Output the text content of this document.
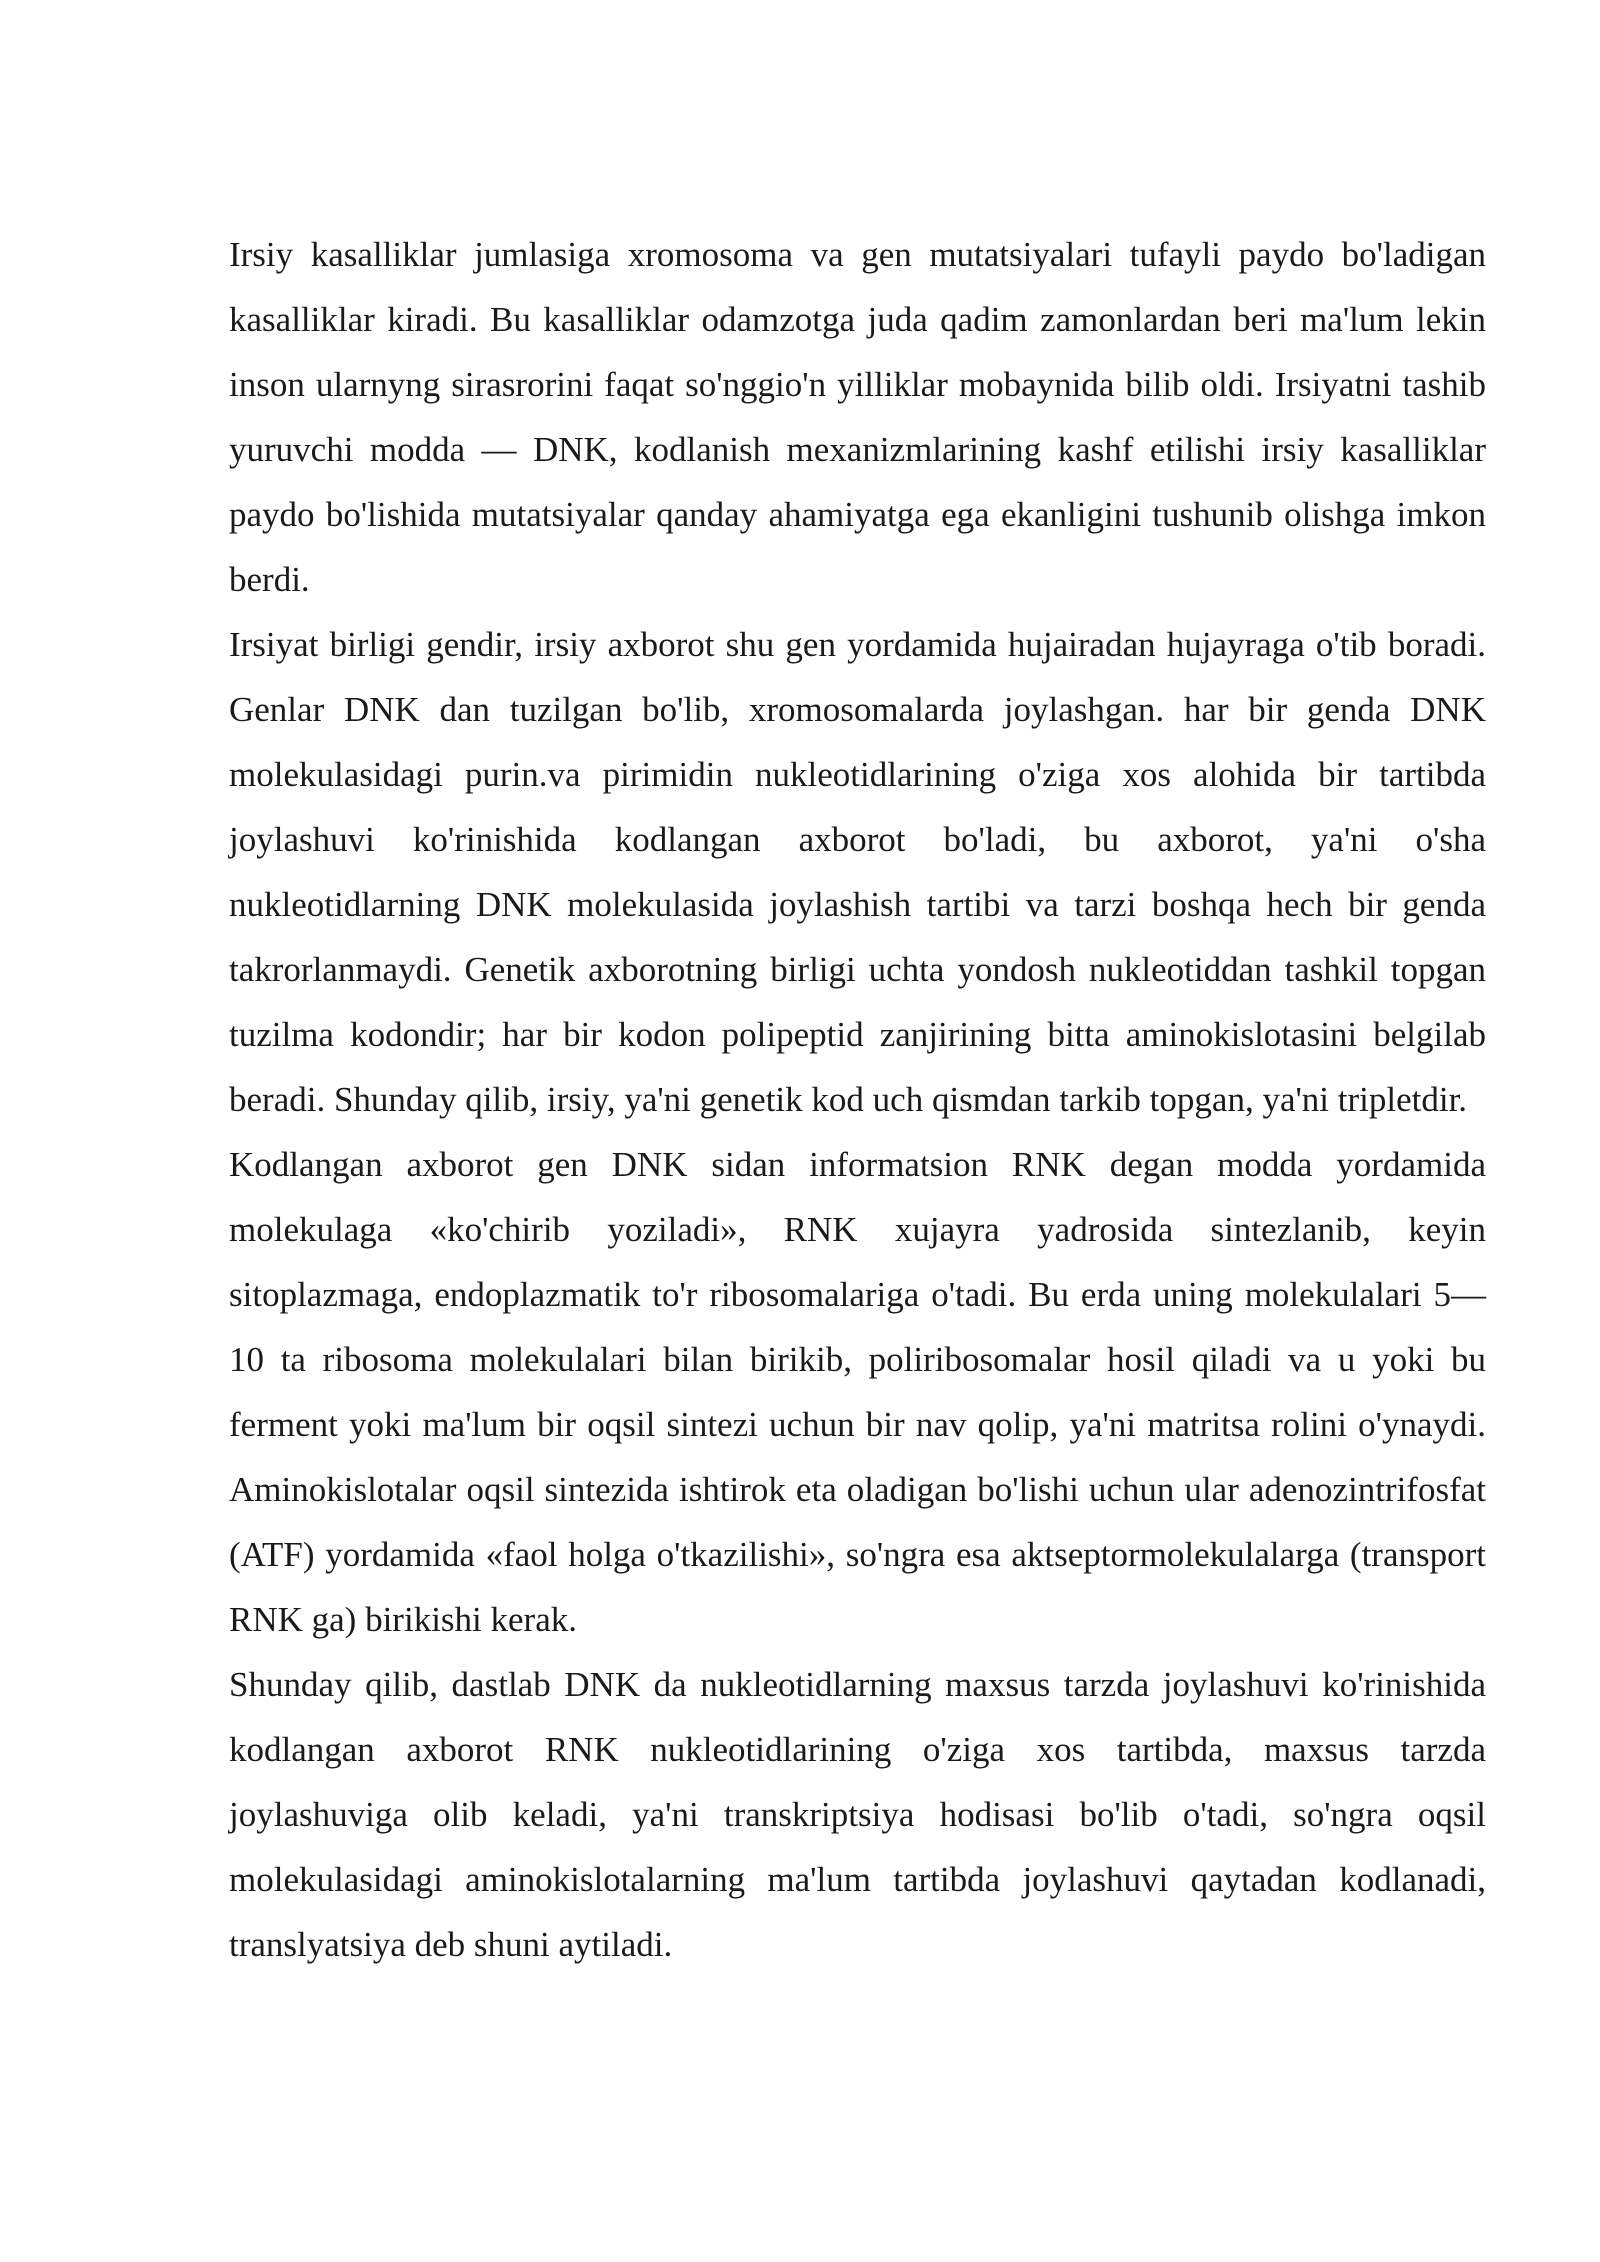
Irsiy kasalliklar jumlasiga xromosoma va gen mutatsiyalari tufayli paydo bo'ladigan kasalliklar kiradi. Bu kasalliklar odamzotga juda qadim zamonlardan beri ma'lum lekin inson ularnyng sirasrorini faqat so'nggio'n yilliklar mobaynida bilib oldi. Irsiyatni tashib yuruvchi modda — DNK, kodlanish mexanizmlarining kashf etilishi irsiy kasalliklar paydo bo'lishida mutatsiyalar qanday ahamiyatga ega ekanligini tushunib olishga imkon berdi.

Irsiyat birligi gendir, irsiy axborot shu gen yordamida hujairadan hujayraga o'tib boradi. Genlar DNK dan tuzilgan bo'lib, xromosomalarda joylashgan. har bir genda DNK molekulasidagi purin.va pirimidin nukleotidlarining o'ziga xos alohida bir tartibda joylashuvi ko'rinishida kodlangan axborot bo'ladi, bu axborot, ya'ni o'sha nukleotidlarning DNK molekulasida joylashish tartibi va tarzi boshqa hech bir genda takrorlanmaydi. Genetik axborotning birligi uchta yondosh nukleotiddan tashkil topgan tuzilma kodondir; har bir kodon polipeptid zanjirining bitta aminokislotasini belgilab beradi. Shunday qilib, irsiy, ya'ni genetik kod uch qismdan tarkib topgan, ya'ni tripletdir.

Kodlangan axborot gen DNK sidan informatsion RNK degan modda yordamida molekulaga «ko'chirib yoziladi», RNK xujayra yadrosida sintezlanib, keyin sitoplazmaga, endoplazmatik to'r ribosomalariga o'tadi. Bu erda uning molekulalari 5—10 ta ribosoma molekulalari bilan birikib, poliribosomalar hosil qiladi va u yoki bu ferment yoki ma'lum bir oqsil sintezi uchun bir nav qolip, ya'ni matritsa rolini o'ynaydi. Aminokislotalar oqsil sintezida ishtirok eta oladigan bo'lishi uchun ular adenozintrifosfat (ATF) yordamida «faol holga o'tkazilishi», so'ngra esa aktseptormolekulalarga (transport RNK ga) birikishi kerak.

Shunday qilib, dastlab DNK da nukleotidlarning maxsus tarzda joylashuvi ko'rinishida kodlangan axborot RNK nukleotidlarining o'ziga xos tartibda, maxsus tarzda joylashuviga olib keladi, ya'ni transkriptsiya hodisasi bo'lib o'tadi, so'ngra oqsil molekulasidagi aminokislotalarning ma'lum tartibda joylashuvi qaytadan kodlanadi, translyatsiya deb shuni aytiladi.
